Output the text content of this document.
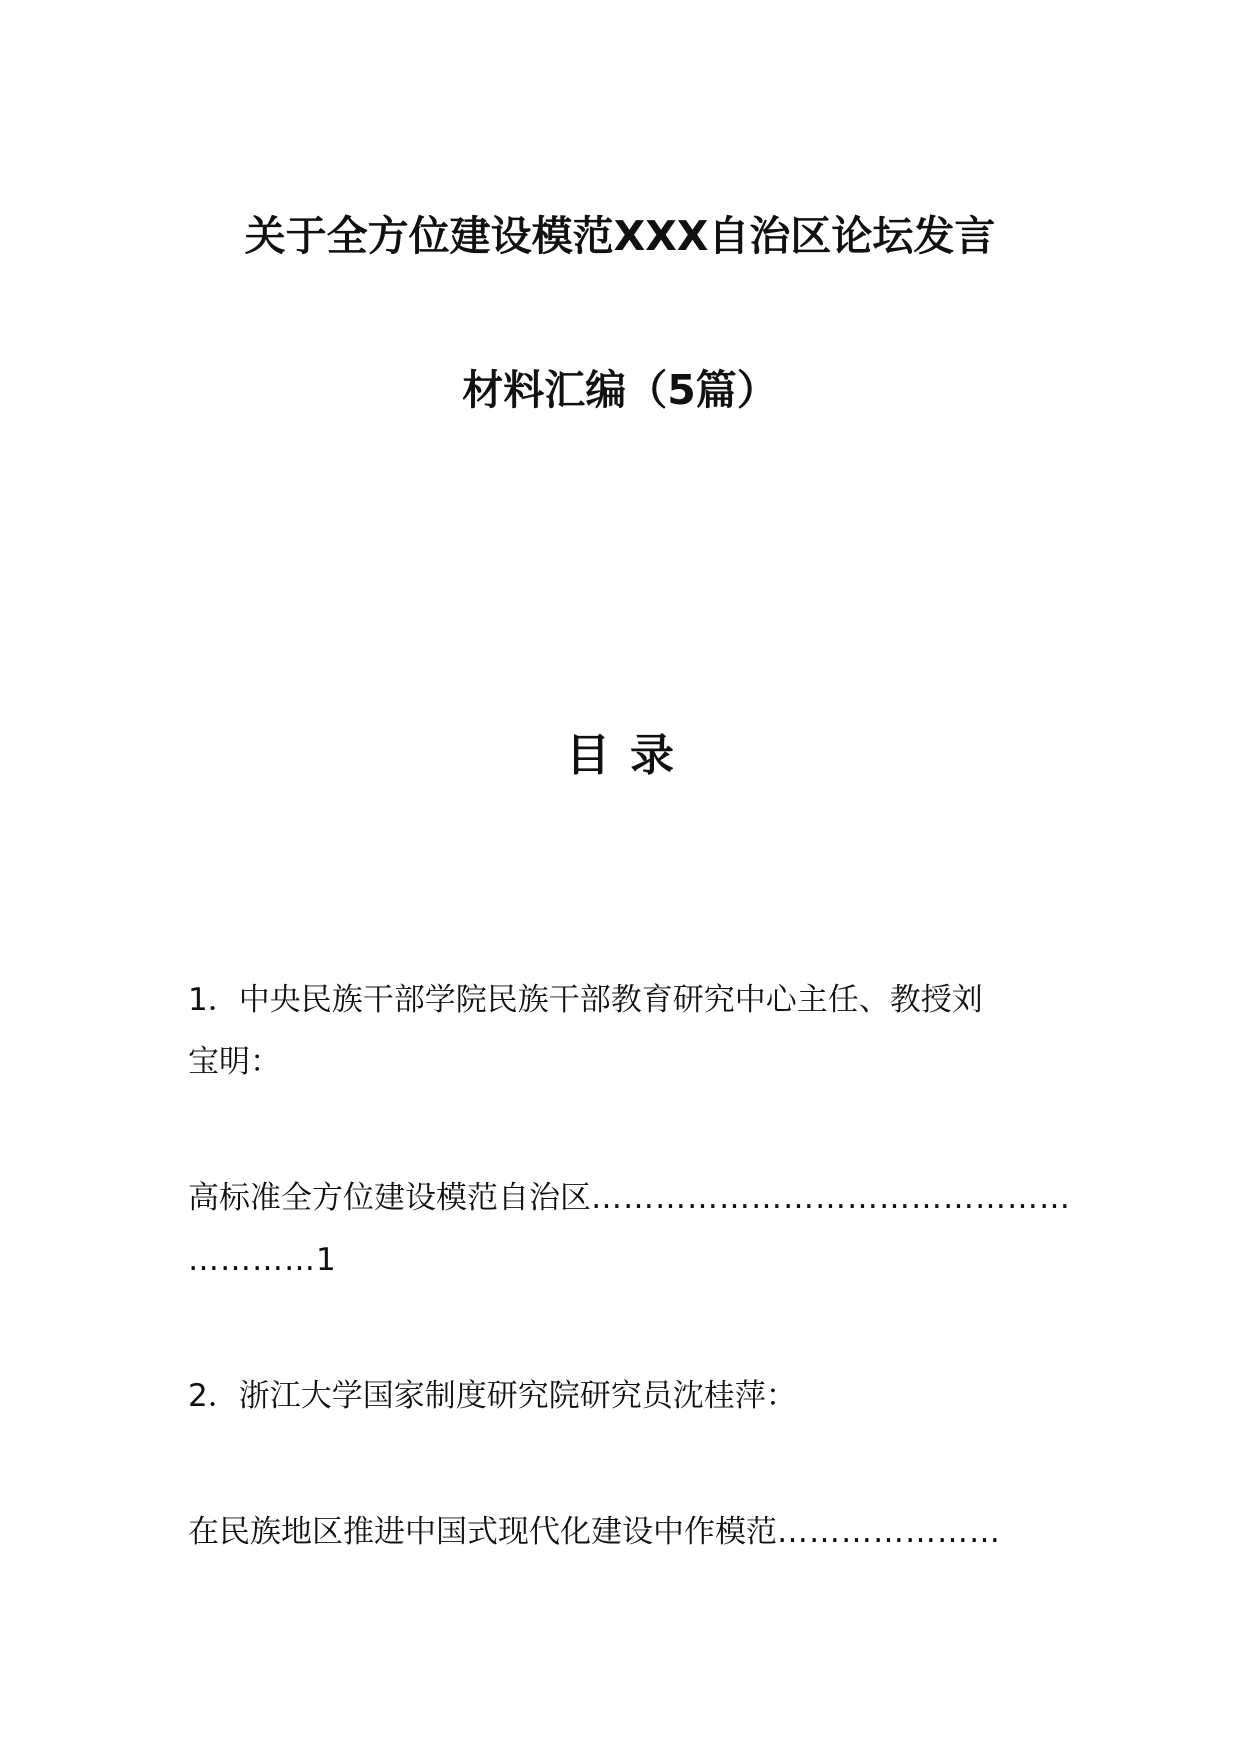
关于全方位建设模范XXX自治区论坛发言
材料汇编（5篇）
目录
1．中央民族干部学院民族干部教育研究中心主任、教授刘
宝明：
高标准全方位建设模范自治区………………………………………
…………1
2．浙江大学国家制度研究院研究员沈桂萍：
在民族地区推进中国式现代化建设中作模范…………………
